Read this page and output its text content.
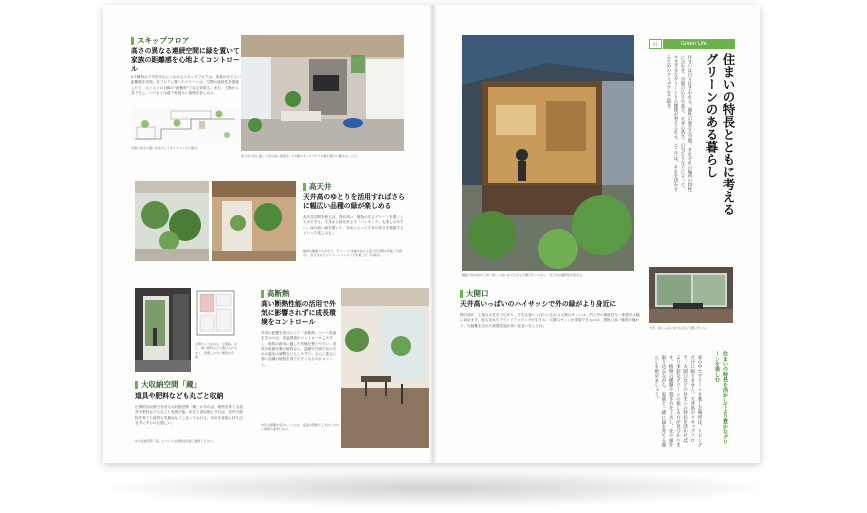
スキップフロア
高さの異なる連続空間に緑を置いて家族の距離感を心地よくコントロール
0.5層刻みで今を中心につながるスキップフロアは、家族のほどよい距離感を実現。各フロアに置いたグリーンは、空間の連続性を強調したり、人と人との目線の“緩衝材”となる効果も。また、上階から見下ろし、いつもとは違う角度から植物を楽しめる。
空間の高さの違いを生かしてダイナミックに演出。
高天井の窓に面して床の高い寝室を、1.5階スキップフロアの間口部から眺めることも。
高天井
天井高のゆとりを活用すればさらに幅広い品種の緑が楽しめる
高天井空間を使えば、背が高い、植物のあるグリーンを置くことができる。天井から緑を吊るす「ハンギング」も楽しみやすい。床の低い緑を置いて、対比によって天井の高さを強調するといった楽しみも。
植物の種類や大きさで、グリーンと家族を迎える高天井空間の計画（写真左）。高天井のワンクリーンハンギングを楽しむ（写真右）。
玄関からつながる「土間蔵」なら、重い肥料なども運び入れやすく、管理しやすい便利な空間。
大収納空間「蔵」
道具や肥料なども丸ごと収納
圧倒的な収納力を誇る大収納空間「蔵」があれば、植物を育てる道具や肥料なども丸ごと収納可能。床を上部収納にすれば、室内で植物を育てた道具も気兼ねなくしまっておける。汚れを直接に持ち込まずにすむのも嬉しい。
※大収納空間「蔵」についての詳細は別途ご確認ください。
高断熱
高い断熱性能の活用で外気に影響されずに成長環境をコントロール
外気の影響を受けにくい「高断熱」という性能を生かせば、室温環境がコントロールしやすく、植物の栽培に適した状態を整えやすい。室気の乾燥を避け植物なら、温暖や日照不足のための温室の調整などもしやすい。さらに寒さに弱い品種の植物を育てやすくなるのがメリット。
外気の影響を受けにくいため、室温の管理も工夫がしやすい事例も参考になる。
幅数千枚の窓から光い窓いっぱいまで広がる大開口サッシなら、内と外の連続性が高まる。
01	Green Life
住まいの特長とともに考える
グリーンのある暮らし
住まいは日々住まわれる、個性の異なる空間。それぞれの場所の特性に合わせ、空間の広さや高さ、天井の高さ、日当たりなどによって、さまざまなグリーンとの関係が考えられる。ここでは、それを活かせるためのアイデアをご紹介。
天井、窓いっぱいまで広がる大開口サッシ。
大開口
天井高いっぱいのハイサッシで外の緑がより身近に
開口部が、上部は天井まで広がり、左右も窓いっぱいに広がる大開口サッシは、内と外の連続性や一体感を大幅に高めます。庭も含めたアウトドアリビングが生きる。大開口サッシが実現できるのは、建物に高い強度が備わり、可動棚を含めた耐震性能が高い住まいならでは。
家の中でグリーンを楽しむ場所は、リビングだけに限りません。天井高やスキップフロア、大開口などの住まいの特長を活かせば、より多彩なグリーンの楽しみ方が見つかります。植物の種類や置き方を工夫し、光や風を取り込みながら、家族と一緒に緑を育てる暮らしを始めましょう。	住まいの特長を活かしてより豊かなグリーンを楽しむ
